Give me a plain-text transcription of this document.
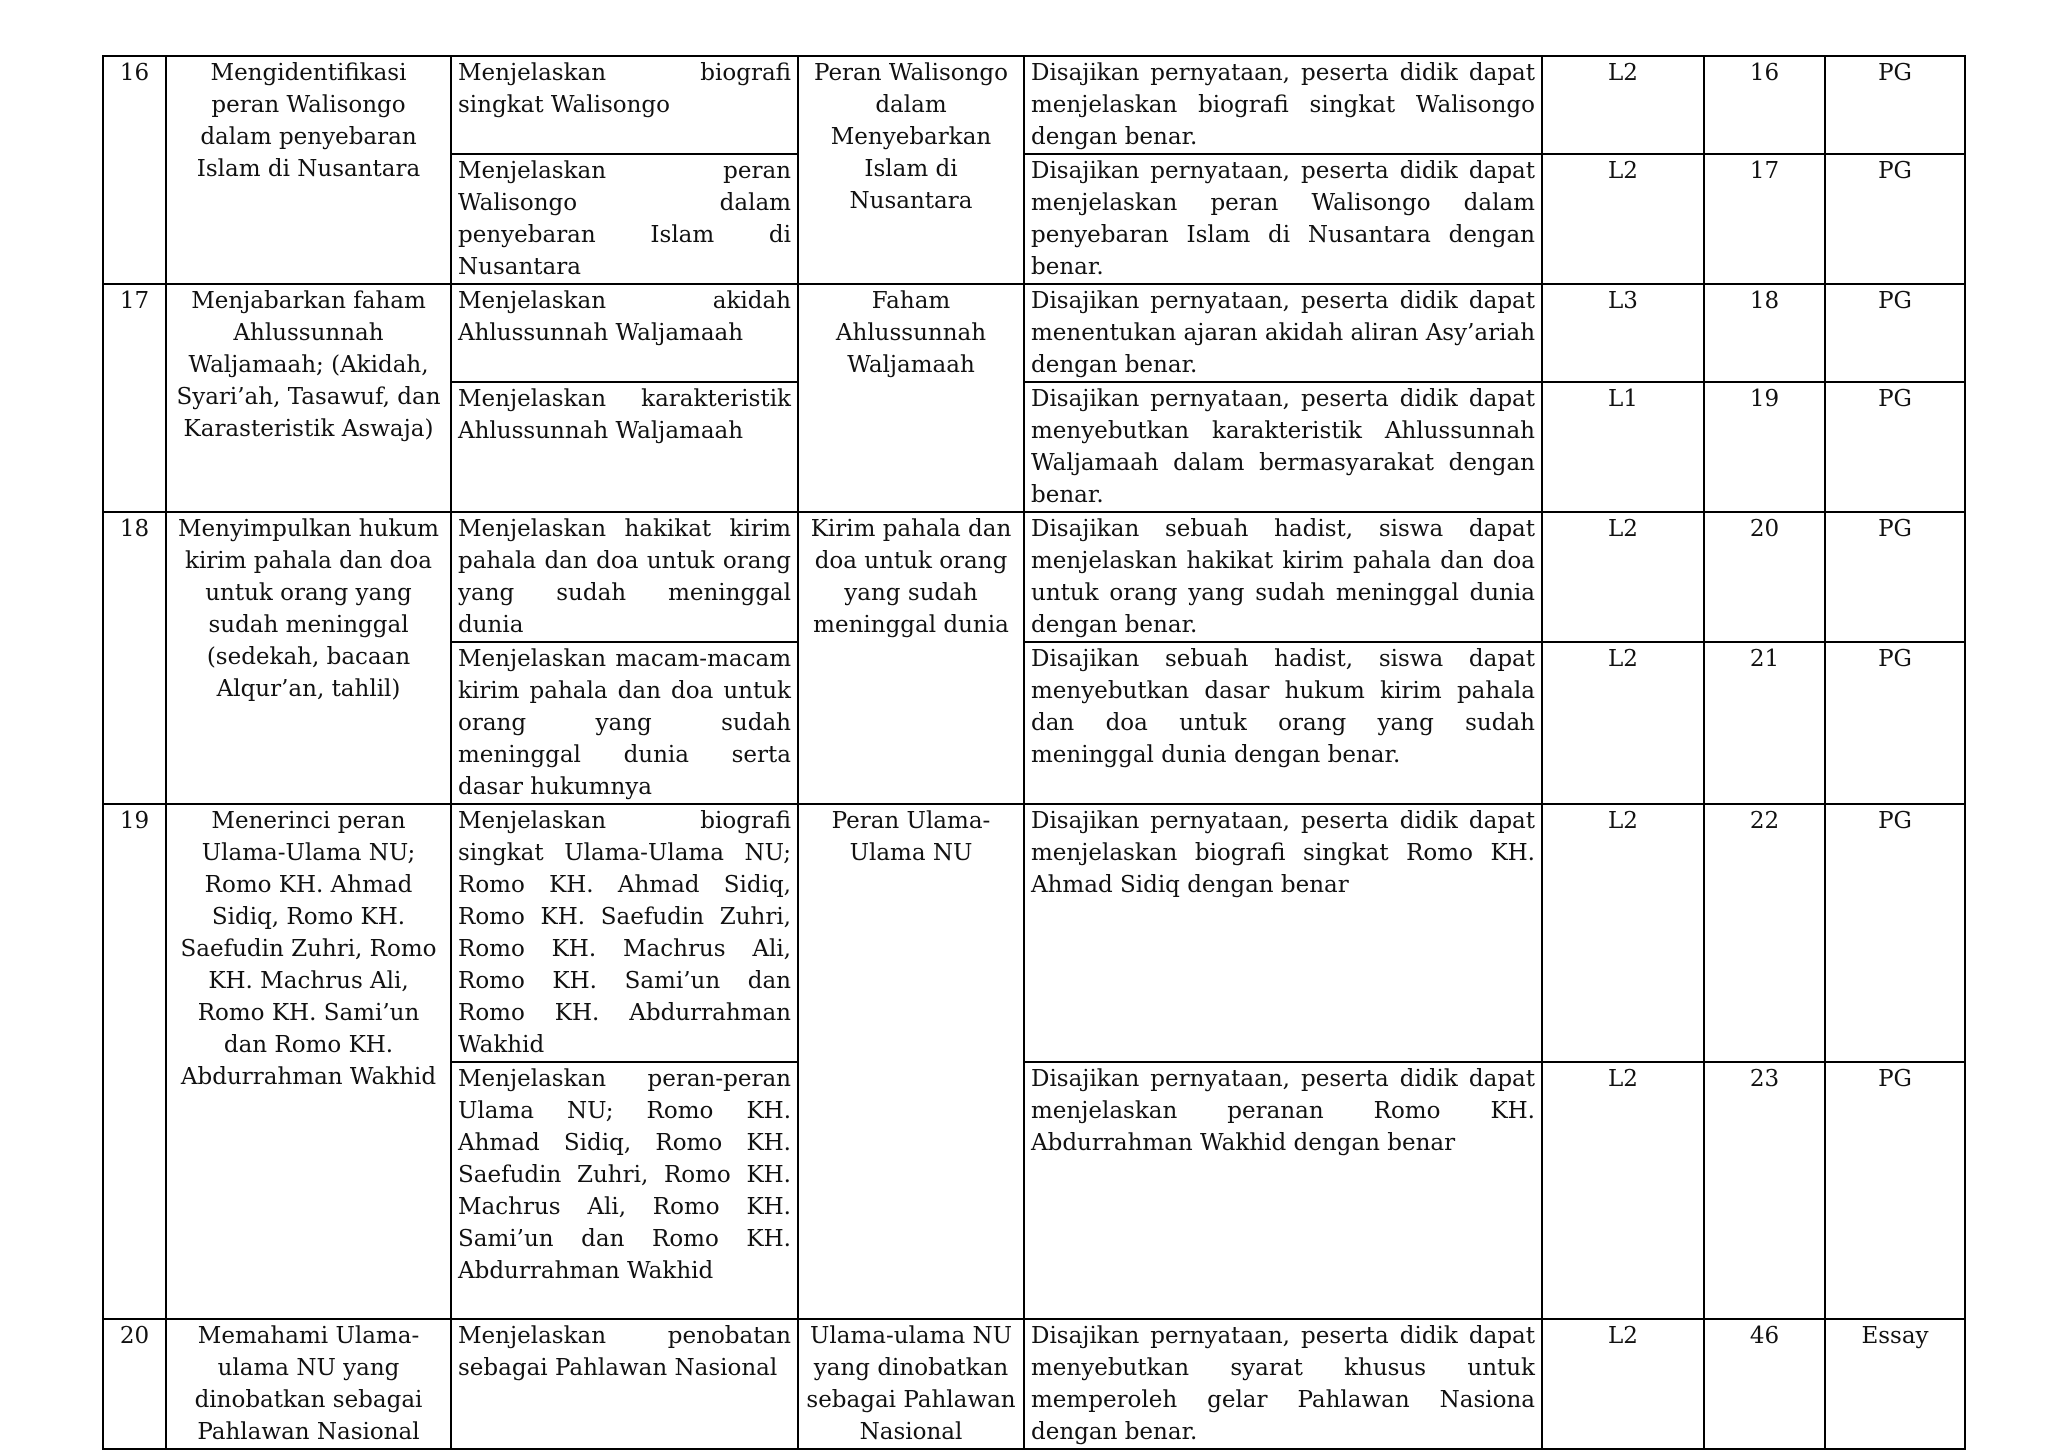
16	Mengidentifikasi peran Walisongo dalam penyebaran Islam di Nusantara	Menjelaskan biografi singkat Walisongo	Peran Walisongo dalam Menyebarkan Islam di Nusantara	Disajikan pernyataan, peserta didik dapat menjelaskan biografi singkat Walisongo dengan benar.	L2	16	PG
		Menjelaskan peran Walisongo dalam penyebaran Islam di Nusantara		Disajikan pernyataan, peserta didik dapat menjelaskan peran Walisongo dalam penyebaran Islam di Nusantara dengan benar.	L2	17	PG
17	Menjabarkan faham Ahlussunnah Waljamaah; (Akidah, Syari’ah, Tasawuf, dan Karasteristik Aswaja)	Menjelaskan akidah Ahlussunnah Waljamaah	Faham Ahlussunnah Waljamaah	Disajikan pernyataan, peserta didik dapat menentukan ajaran akidah aliran Asy’ariah dengan benar.	L3	18	PG
		Menjelaskan karakteristik Ahlussunnah Waljamaah		Disajikan pernyataan, peserta didik dapat menyebutkan karakteristik Ahlussunnah Waljamaah dalam bermasyarakat dengan benar.	L1	19	PG
18	Menyimpulkan hukum kirim pahala dan doa untuk orang yang sudah meninggal (sedekah, bacaan Alqur’an, tahlil)	Menjelaskan hakikat kirim pahala dan doa untuk orang yang sudah meninggal dunia	Kirim pahala dan doa untuk orang yang sudah meninggal dunia	Disajikan sebuah hadist, siswa dapat menjelaskan hakikat kirim pahala dan doa untuk orang yang sudah meninggal dunia dengan benar.	L2	20	PG
		Menjelaskan macam-macam kirim pahala dan doa untuk orang yang sudah meninggal dunia serta dasar hukumnya		Disajikan sebuah hadist, siswa dapat menyebutkan dasar hukum kirim pahala dan doa untuk orang yang sudah meninggal dunia dengan benar.	L2	21	PG
19	Menerinci peran Ulama-Ulama NU; Romo KH. Ahmad Sidiq, Romo KH. Saefudin Zuhri, Romo KH. Machrus Ali, Romo KH. Sami’un dan Romo KH. Abdurrahman Wakhid	Menjelaskan biografi singkat Ulama-Ulama NU; Romo KH. Ahmad Sidiq, Romo KH. Saefudin Zuhri, Romo KH. Machrus Ali, Romo KH. Sami’un dan Romo KH. Abdurrahman Wakhid	Peran Ulama-Ulama NU	Disajikan pernyataan, peserta didik dapat menjelaskan biografi singkat Romo KH. Ahmad Sidiq dengan benar	L2	22	PG
		Menjelaskan peran-peran Ulama NU; Romo KH. Ahmad Sidiq, Romo KH. Saefudin Zuhri, Romo KH. Machrus Ali, Romo KH. Sami’un dan Romo KH. Abdurrahman Wakhid		Disajikan pernyataan, peserta didik dapat menjelaskan peranan Romo KH. Abdurrahman Wakhid dengan benar	L2	23	PG
20	Memahami Ulama-ulama NU yang dinobatkan sebagai Pahlawan Nasional	Menjelaskan penobatan sebagai Pahlawan Nasional	Ulama-ulama NU yang dinobatkan sebagai Pahlawan Nasional	Disajikan pernyataan, peserta didik dapat menyebutkan syarat khusus untuk memperoleh gelar Pahlawan Nasiona dengan benar.	L2	46	Essay
